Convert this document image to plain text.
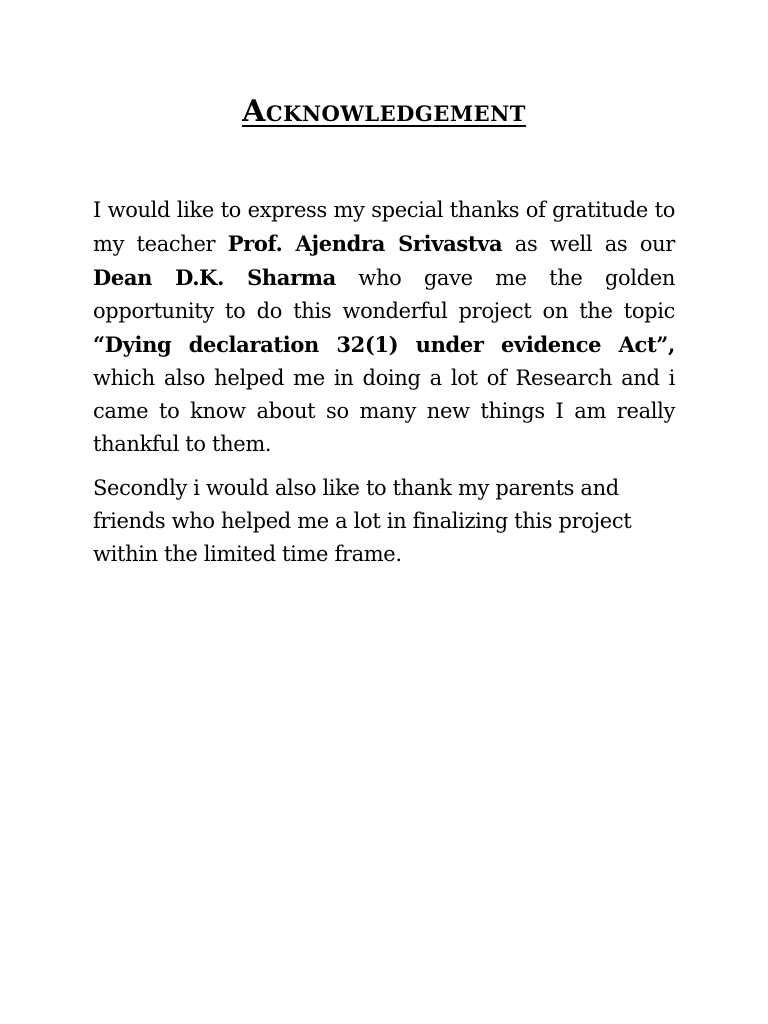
Acknowledgement

I would like to express my special thanks of gratitude to my teacher Prof. Ajendra Srivastva as well as our Dean D.K. Sharma who gave me the golden opportunity to do this wonderful project on the topic “Dying declaration 32(1) under evidence Act”, which also helped me in doing a lot of Research and i came to know about so many new things I am really thankful to them.

Secondly i would also like to thank my parents and friends who helped me a lot in finalizing this project within the limited time frame.
